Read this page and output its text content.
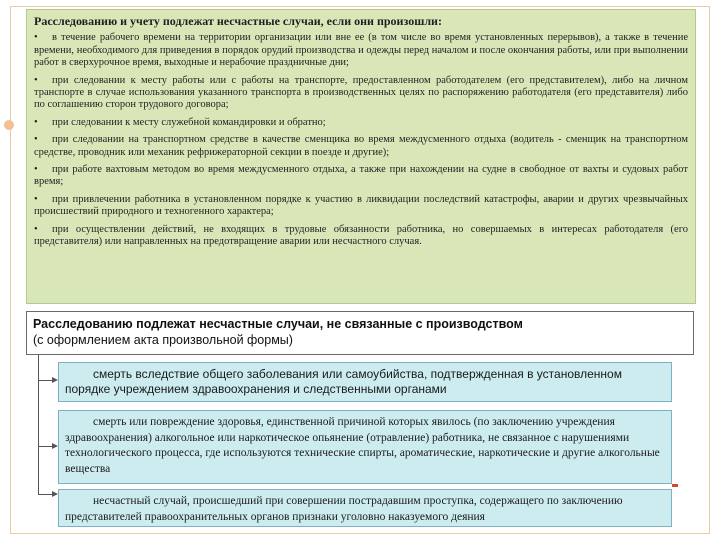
Расследованию и учету подлежат несчастные случаи, если они произошли:
• в течение рабочего времени на территории организации или вне ее (в том числе во время установленных перерывов), а также в течение времени, необходимого для приведения в порядок орудий производства и одежды перед началом и после окончания работы, или при выполнении работ в сверхурочное время, выходные и нерабочие праздничные дни;
• при следовании к месту работы или с работы на транспорте, предоставленном работодателем (его представителем), либо на личном транспорте в случае использования указанного транспорта в производственных целях по распоряжению работодателя (его представителя) либо по соглашению сторон трудового договора;
• при следовании к месту служебной командировки и обратно;
• при следовании на транспортном средстве в качестве сменщика во время междусменного отдыха (водитель - сменщик на транспортном средстве, проводник или механик рефрижераторной секции в поезде и другие);
• при работе вахтовым методом во время междусменного отдыха, а также при нахождении на судне в свободное от вахты и судовых работ время;
• при привлечении работника в установленном порядке к участию в ликвидации последствий катастрофы, аварии и других чрезвычайных происшествий природного и техногенного характера;
• при осуществлении действий, не входящих в трудовые обязанности работника, но совершаемых в интересах работодателя (его представителя) или направленных на предотвращение аварии или несчастного случая.
Расследованию подлежат несчастные случаи, не связанные с производством
(с оформлением акта произвольной формы)
смерть вследствие общего заболевания или самоубийства, подтвержденная в установленном порядке учреждением здравоохранения и следственными органами
смерть или повреждение здоровья, единственной причиной которых явилось (по заключению учреждения здравоохранения) алкогольное или наркотическое опьянение (отравление) работника, не связанное с нарушениями технологического процесса, где используются технические спирты, ароматические, наркотические и другие алкогольные вещества
несчастный случай, происшедший при совершении пострадавшим проступка, содержащего по заключению представителей правоохранительных органов признаки уголовно наказуемого деяния
